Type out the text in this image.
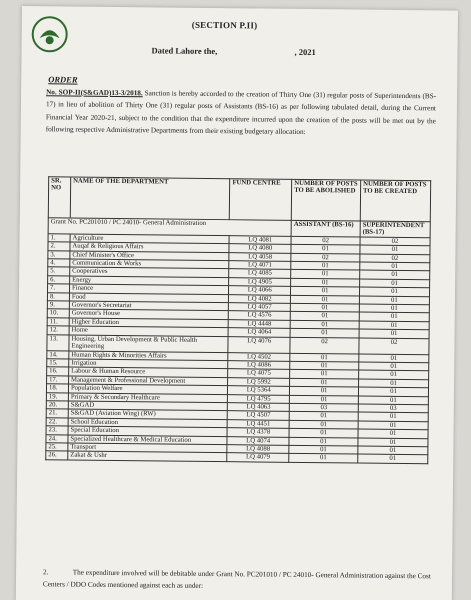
(SECTION P.II)
Dated Lahore the,	, 2021
ORDER
No. SOP-II(S&GAD)13-3/2018. Sanction is hereby accorded to the creation of Thirty One (31) regular posts of Superintendents (BS-17) in lieu of abolition of Thirty One (31) regular posts of Assistants (BS-16) as per following tabulated detail, during the Current Financial Year 2020-21, subject to the condition that the expenditure incurred upon the creation of the posts will be met out by the following respective Administrative Departments from their existing budgetary allocation:
SR. NO	NAME OF THE DEPARTMENT	FUND CENTRE	NUMBER OF POSTS TO BE ABOLISHED	NUMBER OF POSTS TO BE CREATED
Grant No. PC201010 / PC 24010- General Administration			ASSISTANT (BS-16)	SUPERINTENDENT (BS-17)
1.	Agriculture	LQ 4081	02	02
2.	Auqaf & Religious Affairs	LQ 4080	01	01
3.	Chief Minister's Office	LQ 4058	02	02
4.	Communication & Works	LQ 4071	01	01
5.	Cooperatives	LQ 4085	01	01
6.	Energy	LQ 4905	01	01
7.	Finance	LQ 4066	01	01
8.	Food	LQ 4082	01	01
9.	Governor's Secretariat	LQ 4057	01	01
10.	Governor's House	LQ 4576	01	01
11.	Higher Education	LQ 4448	01	01
12.	Home	LQ 4064	01	01
13.	Housing, Urban Development & Public Health Engineering	LQ 4076	02	02
14.	Human Rights & Minorities Affairs	LQ 4502	01	01
15.	Irrigation	LQ 4086	01	01
16.	Labour & Human Resource	LQ 4075	01	01
17.	Management & Professional Development	LQ 5992	01	01
18.	Population Welfare	LQ 5364	01	01
19.	Primary & Secondary Healthcare	LQ 4795	01	01
20.	S&GAD	LQ 4063	03	03
21.	S&GAD (Aviation Wing) (RW)	LQ 4507	01	01
22.	School Education	LQ 4451	01	01
23.	Special Education	LQ 4378	01	01
24.	Specialized Healthcare & Medical Education	LQ 4074	01	01
25.	Transport	LQ 4088	01	01
26.	Zakat & Ushr	LQ 4079	01	01
2.	The expenditure involved will be debitable under Grant No. PC201010 / PC 24010- General Administration against the Cost Centers / DDO Codes mentioned against each as under:
